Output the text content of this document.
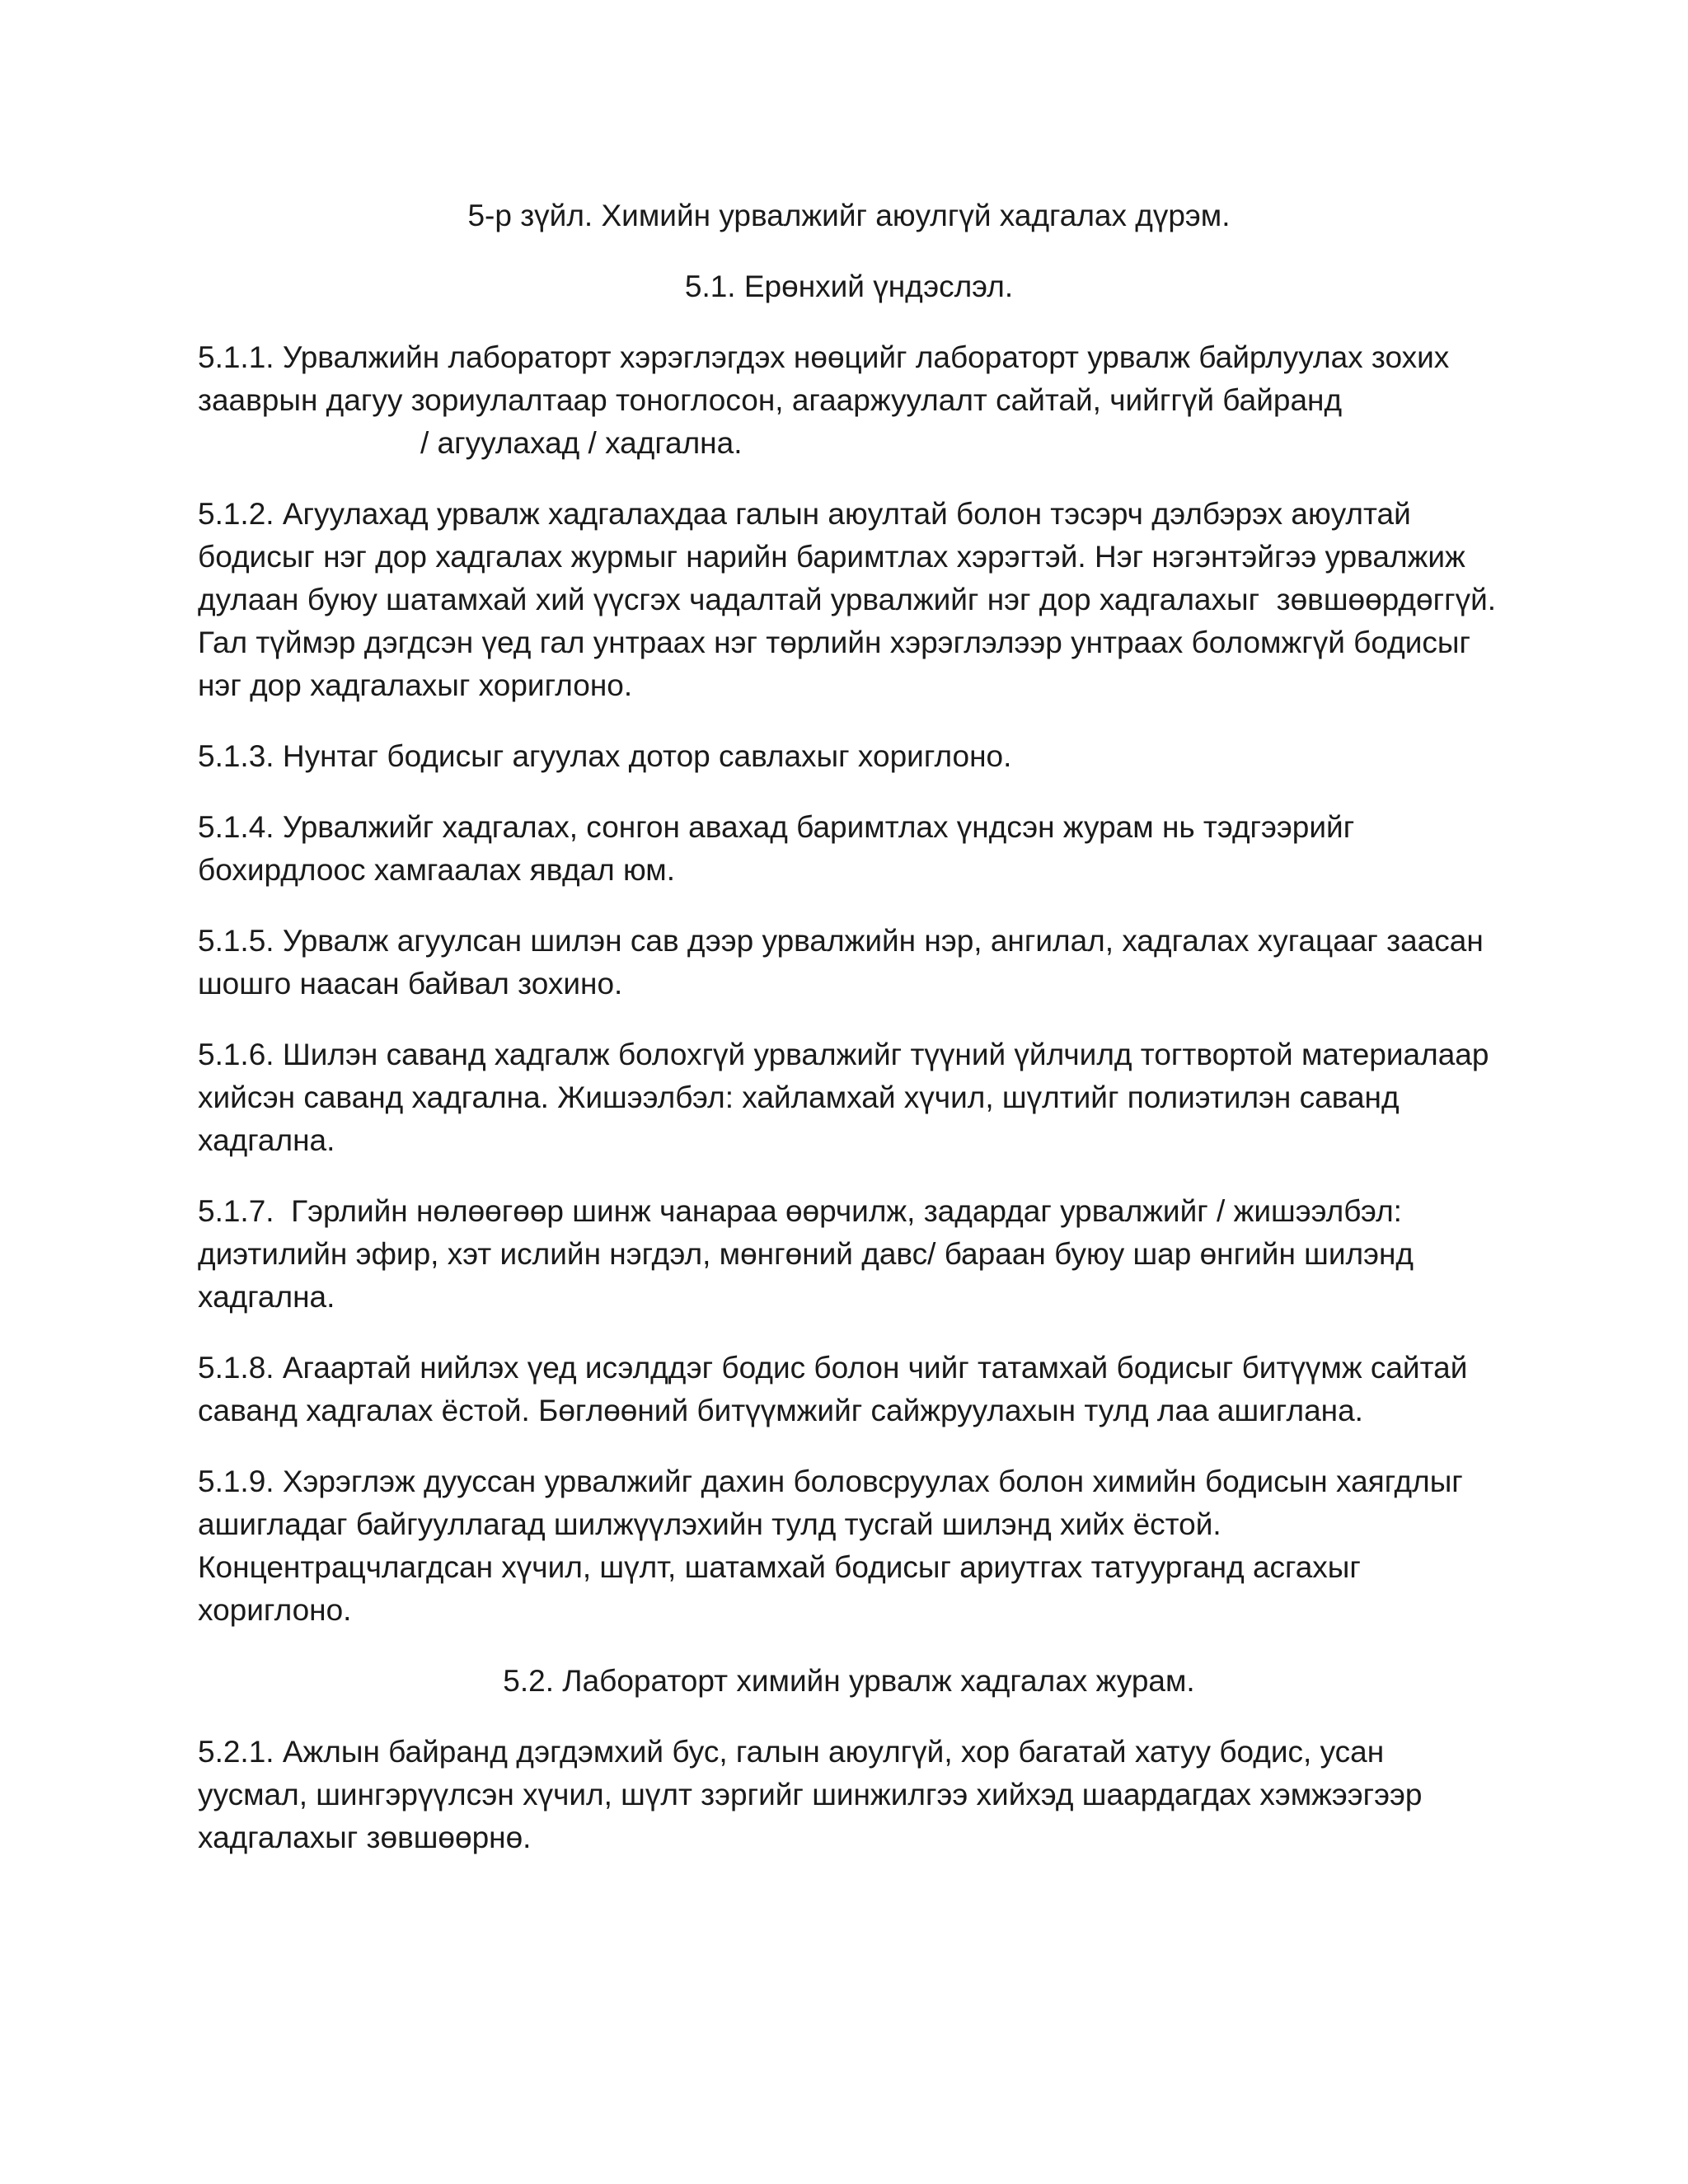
5-р зүйл. Химийн урвалжийг аюулгүй хадгалах дүрэм.

5.1. Ерөнхий үндэслэл.

5.1.1. Урвалжийн лабораторт хэрэглэгдэх нөөцийг лабораторт урвалж байрлуулах зохих зааврын дагуу зориулалтаар тоноглосон, агааржуулалт сайтай, чийггүй байранд/ агуулахад / хадгална.

5.1.2. Агуулахад урвалж хадгалахдаа галын аюултай болон тэсэрч дэлбэрэх аюултай бодисыг нэг дор хадгалах журмыг нарийн баримтлах хэрэгтэй. Нэг нэгэнтэйгээ урвалжиж дулаан буюу шатамхай хий үүсгэх чадалтай урвалжийг нэг дор хадгалахыг  зөвшөөрдөггүй. Гал түймэр дэгдсэн үед гал унтраах нэг төрлийн хэрэглэлээр унтраах боломжгүй бодисыг нэг дор хадгалахыг хориглоно.

5.1.3. Нунтаг бодисыг агуулах дотор савлахыг хориглоно.

5.1.4. Урвалжийг хадгалах, сонгон авахад баримтлах үндсэн журам нь тэдгээрийг бохирдлоос хамгаалах явдал юм.

5.1.5. Урвалж агуулсан шилэн сав дээр урвалжийн нэр, ангилал, хадгалах хугацааг заасан  шошго наасан байвал зохино.

5.1.6. Шилэн саванд хадгалж болохгүй урвалжийг түүний үйлчилд тогтвортой материалаар хийсэн саванд хадгална. Жишээлбэл: хайламхай хүчил, шүлтийг полиэтилэн саванд хадгална.

5.1.7.  Гэрлийн нөлөөгөөр шинж чанараа өөрчилж, задардаг урвалжийг / жишээлбэл: диэтилийн эфир, хэт ислийн нэгдэл, мөнгөний давс/ бараан буюу шар өнгийн шилэнд хадгална.

5.1.8. Агаартай нийлэх үед исэлддэг бодис болон чийг татамхай бодисыг битүүмж сайтай саванд хадгалах ёстой. Бөглөөний битүүмжийг сайжруулахын тулд лаа ашиглана.

5.1.9. Хэрэглэж дууссан урвалжийг дахин боловсруулах болон химийн бодисын хаягдлыг ашигладаг байгууллагад шилжүүлэхийн тулд тусгай шилэнд хийх ёстой. Концентрацчлагдсан хүчил, шүлт, шатамхай бодисыг ариутгах татуурганд асгахыг хориглоно.

5.2. Лабораторт химийн урвалж хадгалах журам.

5.2.1. Ажлын байранд дэгдэмхий бус, галын аюулгүй, хор багатай хатуу бодис, усан уусмал, шингэрүүлсэн хүчил, шүлт зэргийг шинжилгээ хийхэд шаардагдах хэмжээгээр хадгалахыг зөвшөөрнө.
